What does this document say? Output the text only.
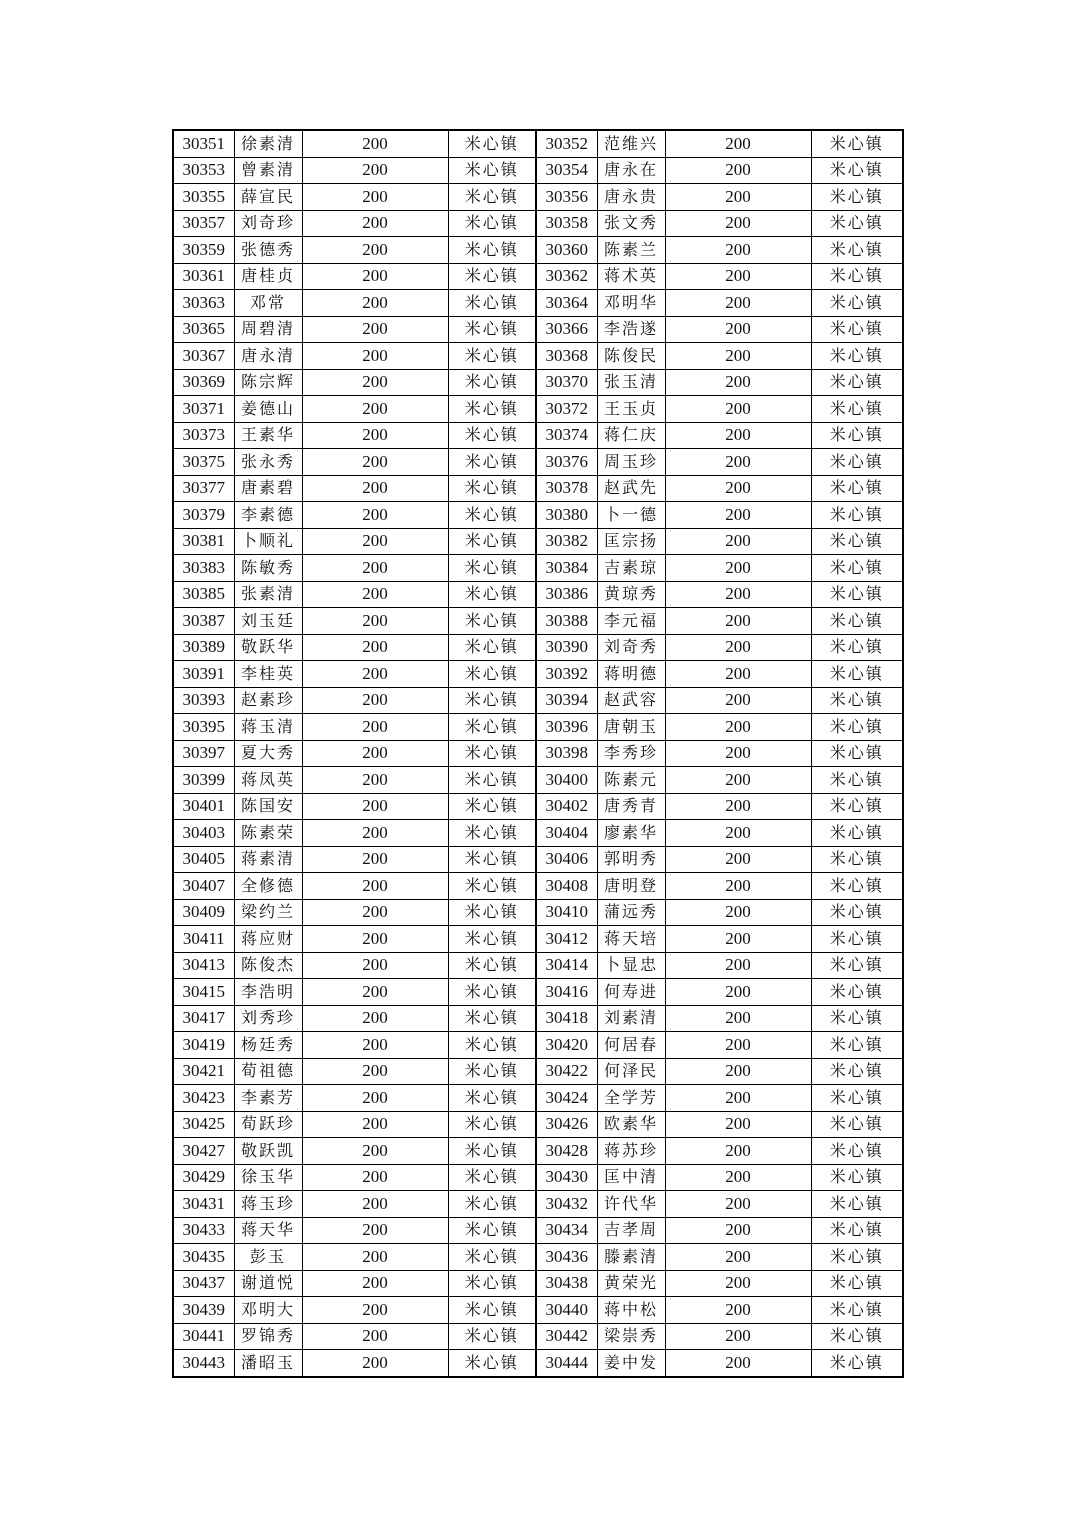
30351	徐素清	200	米心镇	30352	范维兴	200	米心镇
30353	曾素清	200	米心镇	30354	唐永在	200	米心镇
30355	薛宣民	200	米心镇	30356	唐永贵	200	米心镇
30357	刘奇珍	200	米心镇	30358	张文秀	200	米心镇
30359	张德秀	200	米心镇	30360	陈素兰	200	米心镇
30361	唐桂贞	200	米心镇	30362	蒋术英	200	米心镇
30363	邓常	200	米心镇	30364	邓明华	200	米心镇
30365	周碧清	200	米心镇	30366	李浩遂	200	米心镇
30367	唐永清	200	米心镇	30368	陈俊民	200	米心镇
30369	陈宗辉	200	米心镇	30370	张玉清	200	米心镇
30371	姜德山	200	米心镇	30372	王玉贞	200	米心镇
30373	王素华	200	米心镇	30374	蒋仁庆	200	米心镇
30375	张永秀	200	米心镇	30376	周玉珍	200	米心镇
30377	唐素碧	200	米心镇	30378	赵武先	200	米心镇
30379	李素德	200	米心镇	30380	卜一德	200	米心镇
30381	卜顺礼	200	米心镇	30382	匡宗扬	200	米心镇
30383	陈敏秀	200	米心镇	30384	吉素琼	200	米心镇
30385	张素清	200	米心镇	30386	黄琼秀	200	米心镇
30387	刘玉廷	200	米心镇	30388	李元福	200	米心镇
30389	敬跃华	200	米心镇	30390	刘奇秀	200	米心镇
30391	李桂英	200	米心镇	30392	蒋明德	200	米心镇
30393	赵素珍	200	米心镇	30394	赵武容	200	米心镇
30395	蒋玉清	200	米心镇	30396	唐朝玉	200	米心镇
30397	夏大秀	200	米心镇	30398	李秀珍	200	米心镇
30399	蒋凤英	200	米心镇	30400	陈素元	200	米心镇
30401	陈国安	200	米心镇	30402	唐秀青	200	米心镇
30403	陈素荣	200	米心镇	30404	廖素华	200	米心镇
30405	蒋素清	200	米心镇	30406	郭明秀	200	米心镇
30407	全修德	200	米心镇	30408	唐明登	200	米心镇
30409	梁约兰	200	米心镇	30410	蒲远秀	200	米心镇
30411	蒋应财	200	米心镇	30412	蒋天培	200	米心镇
30413	陈俊杰	200	米心镇	30414	卜显忠	200	米心镇
30415	李浩明	200	米心镇	30416	何寿进	200	米心镇
30417	刘秀珍	200	米心镇	30418	刘素清	200	米心镇
30419	杨廷秀	200	米心镇	30420	何居春	200	米心镇
30421	荀祖德	200	米心镇	30422	何泽民	200	米心镇
30423	李素芳	200	米心镇	30424	全学芳	200	米心镇
30425	荀跃珍	200	米心镇	30426	欧素华	200	米心镇
30427	敬跃凯	200	米心镇	30428	蒋苏珍	200	米心镇
30429	徐玉华	200	米心镇	30430	匡中清	200	米心镇
30431	蒋玉珍	200	米心镇	30432	许代华	200	米心镇
30433	蒋天华	200	米心镇	30434	吉孝周	200	米心镇
30435	彭玉	200	米心镇	30436	滕素清	200	米心镇
30437	谢道悦	200	米心镇	30438	黄荣光	200	米心镇
30439	邓明大	200	米心镇	30440	蒋中松	200	米心镇
30441	罗锦秀	200	米心镇	30442	梁崇秀	200	米心镇
30443	潘昭玉	200	米心镇	30444	姜中发	200	米心镇
